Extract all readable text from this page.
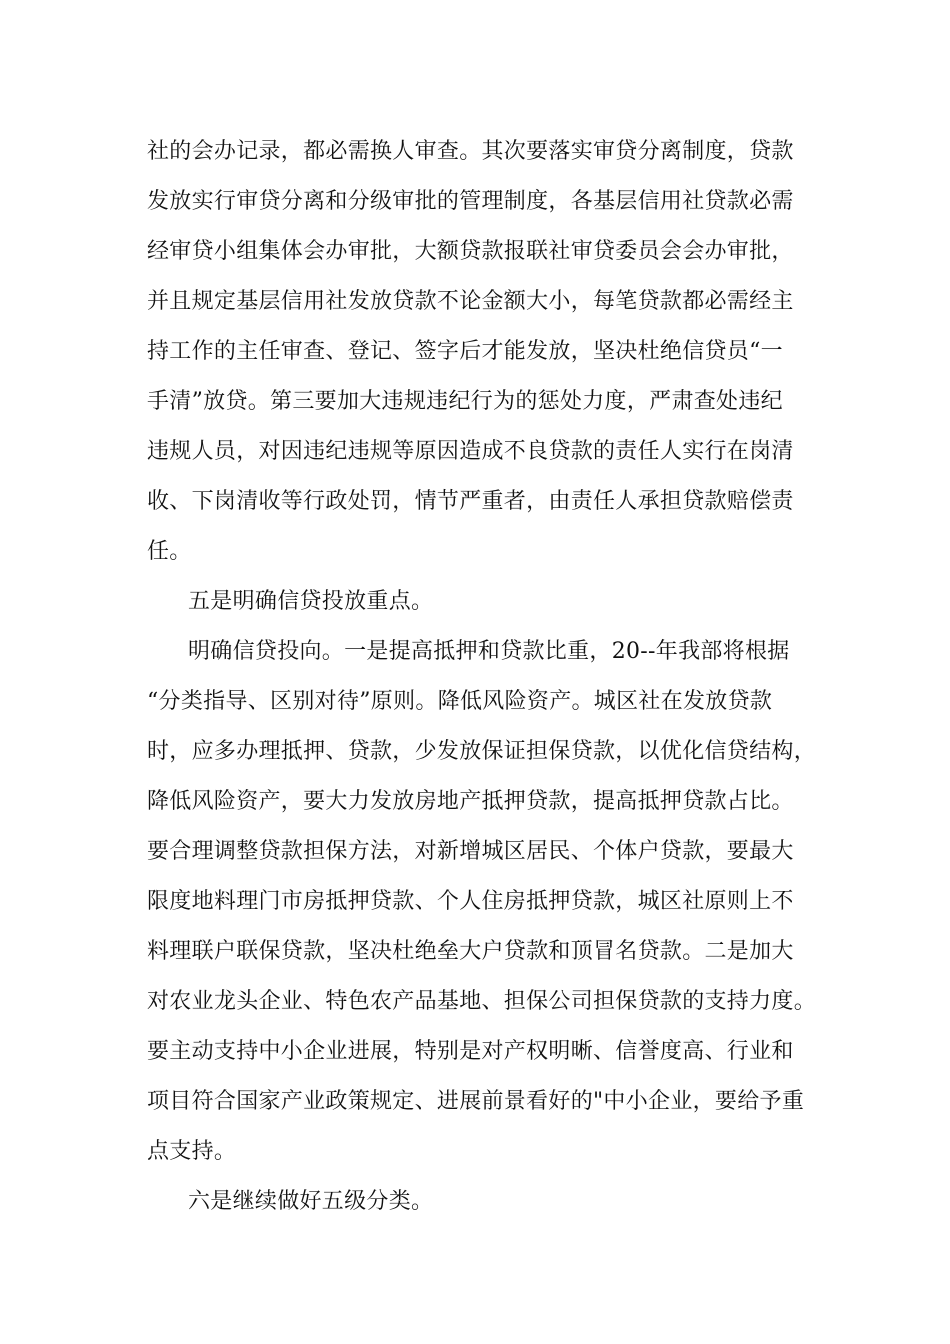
社的会办记录，都必需换人审查。其次要落实审贷分离制度，贷款
发放实行审贷分离和分级审批的管理制度，各基层信用社贷款必需
经审贷小组集体会办审批，大额贷款报联社审贷委员会会办审批，
并且规定基层信用社发放贷款不论金额大小，每笔贷款都必需经主
持工作的主任审查、登记、签字后才能发放，坚决杜绝信贷员“一
手清”放贷。第三要加大违规违纪行为的惩处力度，严肃查处违纪
违规人员，对因违纪违规等原因造成不良贷款的责任人实行在岗清
收、下岗清收等行政处罚，情节严重者，由责任人承担贷款赔偿责
任。
五是明确信贷投放重点。
明确信贷投向。一是提高抵押和贷款比重，20--年我部将根据
“分类指导、区别对待”原则。降低风险资产。城区社在发放贷款
时，应多办理抵押、贷款，少发放保证担保贷款，以优化信贷结构，
降低风险资产，要大力发放房地产抵押贷款，提高抵押贷款占比。
要合理调整贷款担保方法，对新增城区居民、个体户贷款，要最大
限度地料理门市房抵押贷款、个人住房抵押贷款，城区社原则上不
料理联户联保贷款，坚决杜绝垒大户贷款和顶冒名贷款。二是加大
对农业龙头企业、特色农产品基地、担保公司担保贷款的支持力度。
要主动支持中小企业进展，特别是对产权明晰、信誉度高、行业和
项目符合国家产业政策规定、进展前景看好的"中小企业，要给予重
点支持。
六是继续做好五级分类。
